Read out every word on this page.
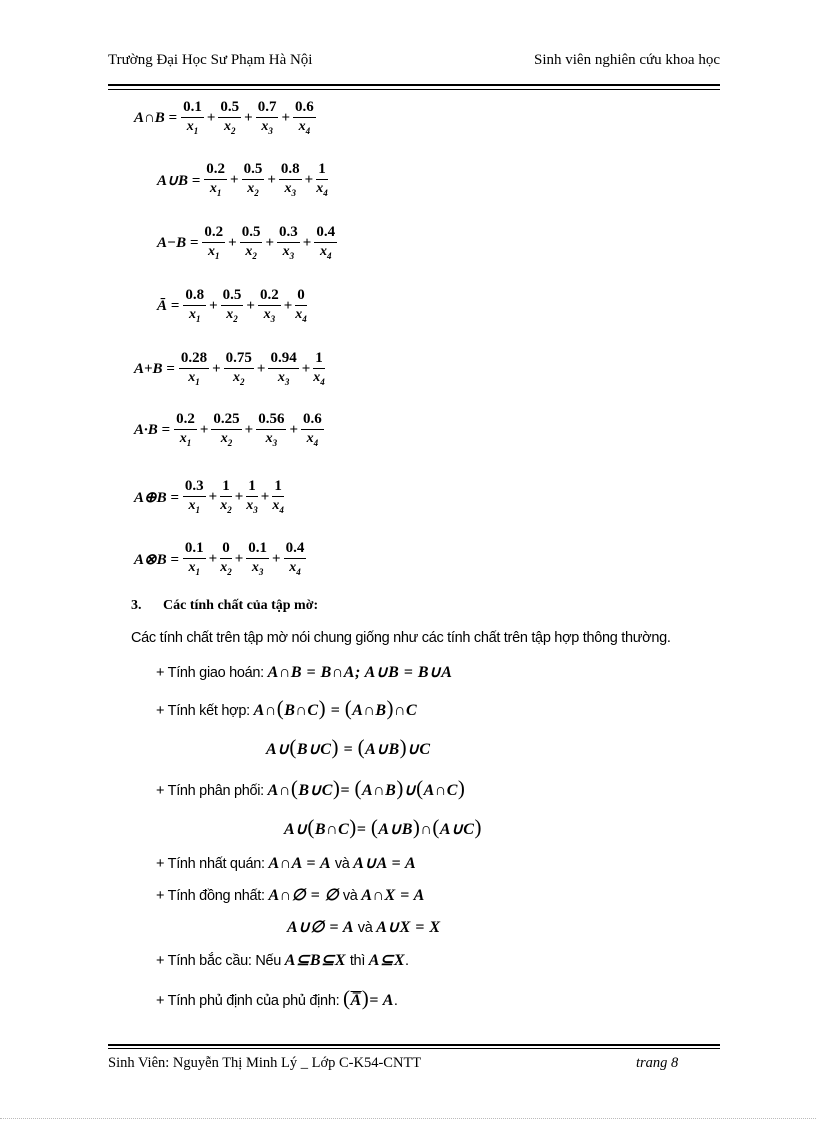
Trường Đại Học Sư Phạm Hà Nội	Sinh viên nghiên cứu khoa học
A∩B = $\frac{0.1}{x_1} + \frac{0.5}{x_2} + \frac{0.7}{x_3} + \frac{0.6}{x_4}$
A∪B = $\frac{0.2}{x_1} + \frac{0.5}{x_2} + \frac{0.8}{x_3} + \frac{1}{x_4}$
$A-B = \frac{0.2}{x_1} + \frac{0.5}{x_2} + \frac{0.3}{x_3} + \frac{0.4}{x_4}$
Ā = $\frac{0.8}{x_1} + \frac{0.5}{x_2} + \frac{0.2}{x_3} + \frac{0}{x_4}$
$A+B = \frac{0.28}{x_1} + \frac{0.75}{x_2} + \frac{0.94}{x_3} + \frac{1}{x_4}$
$A\cdot B = \frac{0.2}{x_1} + \frac{0.25}{x_2} + \frac{0.56}{x_3} + \frac{0.6}{x_4}$
A⊕B = $\frac{0.3}{x_1} + \frac{1}{x_2} + \frac{1}{x_3} + \frac{1}{x_4}$
A⊗B = $\frac{0.1}{x_1} + \frac{0}{x_2} + \frac{0.1}{x_3} + \frac{0.4}{x_4}$
3. Các tính chất của tập mờ:
Các tính chất trên tập mờ nói chung giống như các tính chất trên tập hợp thông thường.
+ Tính giao hoán: A∩B = B∩A; A∪B = B∪A
+ Tính kết hợp: A∩(B∩C) = (A∩B)∩C
A∪(B∪C) = (A∪B)∪C
+ Tính phân phối: A∩(B∪C)= (A∩B)∪(A∩C)
A∪(B∩C)= (A∪B)∩(A∪C)
+ Tính nhất quán: A∩A = A và A∪A = A
+ Tính đồng nhất: A∩∅ = ∅ và A∩X = A
A∪∅ = A và A∪X = X
+ Tính bắc cầu: Nếu A⊆B⊆X thì A⊆X.
+ Tính phủ định của phủ định: (A̅)= A.
Sinh Viên: Nguyễn Thị Minh Lý _ Lớp C-K54-CNTT	trang 8
